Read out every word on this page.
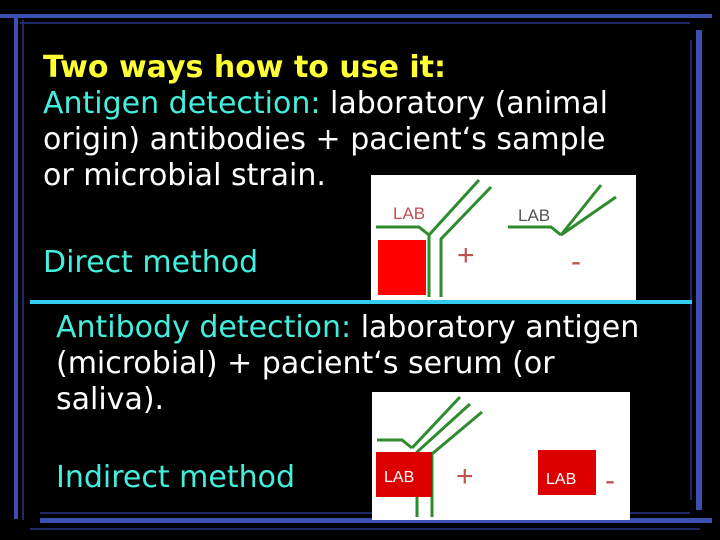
Two ways how to use it:
Antigen detection: laboratory (animal
origin) antibodies + pacient‘s sample
or microbial strain.
Direct method
LAB	LAB
+	-
Antibody detection: laboratory antigen
(microbial) + pacient‘s serum (or
saliva).
Indirect method	LAB	LAB
+	-
